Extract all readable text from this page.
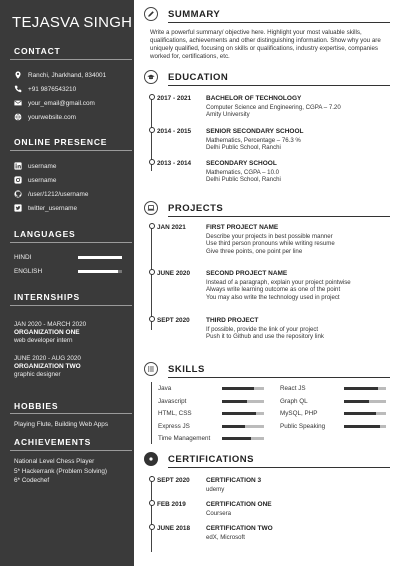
TEJASVA SINGH
CONTACT
Ranchi, Jharkhand, 834001
+91 9876543210
your_email@gmail.com
yourwebsite.com
ONLINE PRESENCE
username
username
/user/1212/username
twitter_username
LANGUAGES
HINDI
ENGLISH
INTERNSHIPS
JAN 2020 - MARCH 2020
ORGANIZATION ONE
web developer intern
JUNE 2020 - AUG 2020
ORGANIZATION TWO
graphic designer
HOBBIES
Playing Flute, Building Web Apps
ACHIEVEMENTS
National Level Chess Player
5* Hackerrank (Problem Solving)
6* Codechef
SUMMARY
Write a powerful summary/ objective here. Highlight your most valuable skills, qualifications, achievements and other distinguishing information. Show why you are uniquely qualified, focusing on skills or qualifications, industry expertise, companies worked for, certifications, etc.
EDUCATION
2017 - 2021 BACHELOR OF TECHNOLOGY
Computer Science and Engineering, CGPA – 7.20
Amity University
2014 - 2015 SENIOR SECONDARY SCHOOL
Mathematics, Percentage – 76.3 %
Delhi Public School, Ranchi
2013 - 2014 SECONDARY SCHOOL
Mathematics, CGPA – 10.0
Delhi Public School, Ranchi
PROJECTS
JAN 2021	FIRST PROJECT NAME
Describe your projects in best possible manner
Use third person pronouns while writing resume
Give three points, one point per line
JUNE 2020 SECOND PROJECT NAME
Instead of a paragraph, explain your project pointwise
Always write learning outcome as one of the point
You may also write the technology used in project
SEPT 2020	THIRD PROJECT
If possible, provide the link of your project
Push it to Github and use the repository link
SKILLS
Java
Javascript
HTML, CSS
Express JS
Time Management
React JS
Graph QL
MySQL, PHP
Public Speaking
CERTIFICATIONS
SEPT 2020	CERTIFICATION 3
udemy
FEB 2019	CERTIFICATION ONE
Coursera
JUNE 2018 CERTIFICATION TWO
edX, Microsoft
